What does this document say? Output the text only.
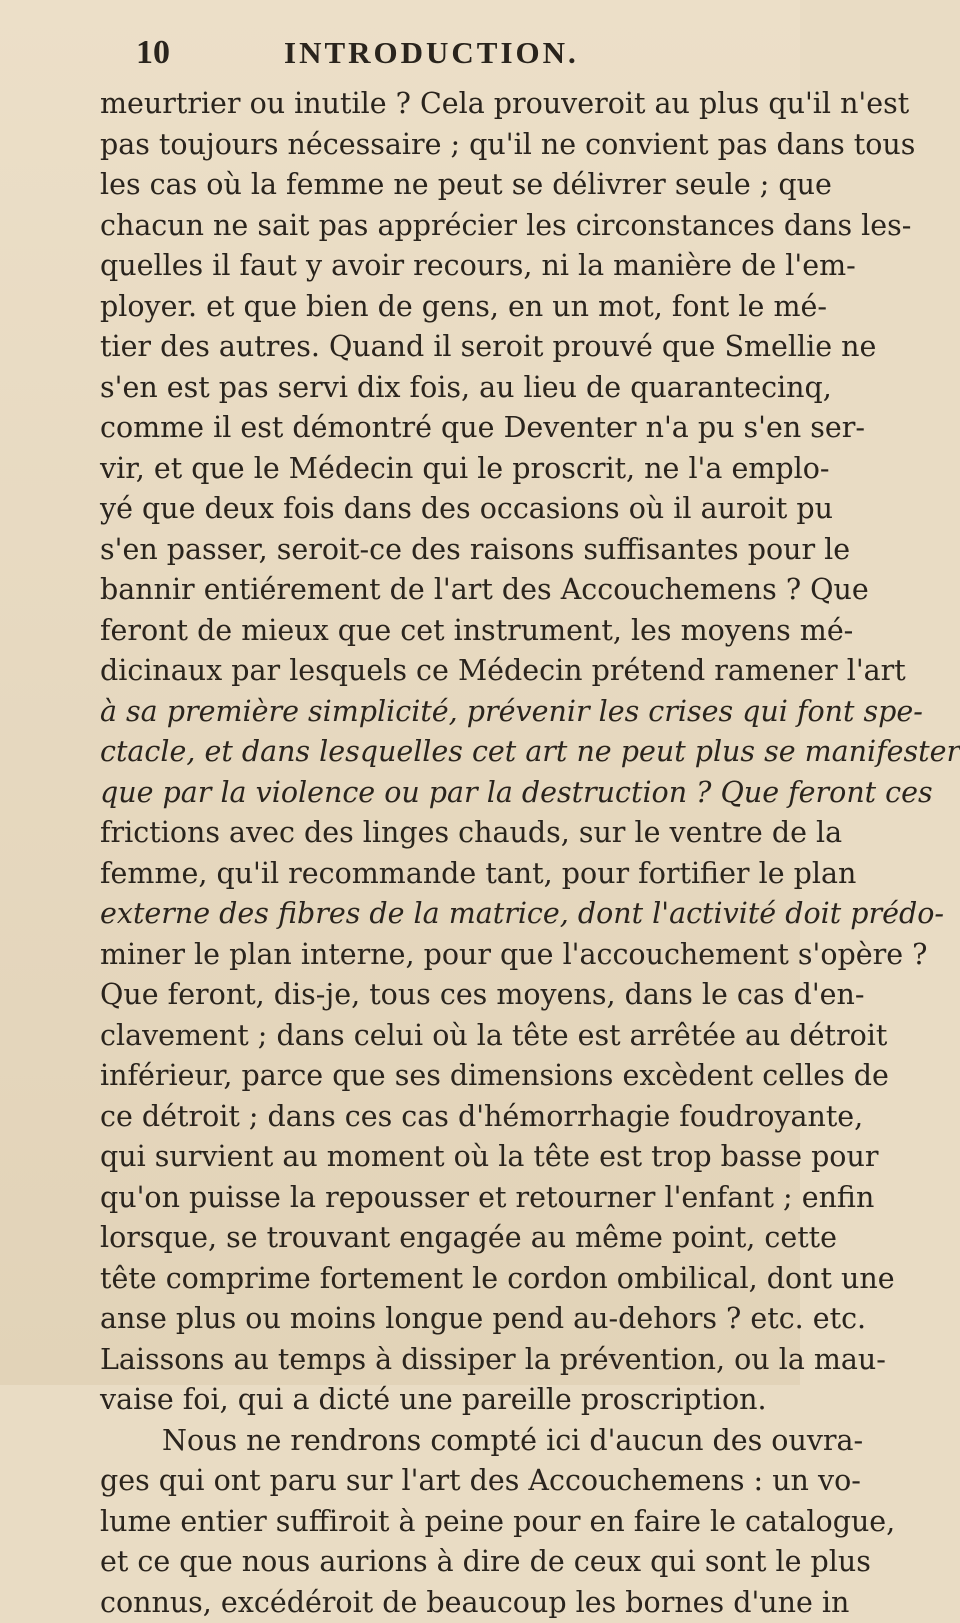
10	INTRODUCTION.
meurtrier ou inutile ? Cela prouveroit au plus qu'il n'est
pas toujours nécessaire ; qu'il ne convient pas dans tous
les cas où la femme ne peut se délivrer seule ; que
chacun ne sait pas apprécier les circonstances dans les-
quelles il faut y avoir recours, ni la manière de l'em-
ployer. et que bien de gens, en un mot, font le mé-
tier des autres. Quand il seroit prouvé que Smellie ne
s'en est pas servi dix fois, au lieu de quarantecinq,
comme il est démontré que Deventer n'a pu s'en ser-
vir, et que le Médecin qui le proscrit, ne l'a emplo-
yé que deux fois dans des occasions où il auroit pu
s'en passer, seroit-ce des raisons suffisantes pour le
bannir entiérement de l'art des Accouchemens ? Que
feront de mieux que cet instrument, les moyens mé-
dicinaux par lesquels ce Médecin prétend ramener l'art
à sa première simplicité, prévenir les crises qui font spe-
ctacle, et dans lesquelles cet art ne peut plus se manifester
que par la violence ou par la destruction ? Que feront ces
frictions avec des linges chauds, sur le ventre de la
femme, qu'il recommande tant, pour fortifier le plan
externe des fibres de la matrice, dont l'activité doit prédo-
miner le plan interne, pour que l'accouchement s'opère ?
Que feront, dis-je, tous ces moyens, dans le cas d'en-
clavement ; dans celui où la tête est arrêtée au détroit
inférieur, parce que ses dimensions excèdent celles de
ce détroit ; dans ces cas d'hémorrhagie foudroyante,
qui survient au moment où la tête est trop basse pour
qu'on puisse la repousser et retourner l'enfant ; enfin
lorsque, se trouvant engagée au même point, cette
tête comprime fortement le cordon ombilical, dont une
anse plus ou moins longue pend au-dehors ? etc. etc.
Laissons au temps à dissiper la prévention, ou la mau-
vaise foi, qui a dicté une pareille proscription.
Nous ne rendrons compté ici d'aucun des ouvra-
ges qui ont paru sur l'art des Accouchemens : un vo-
lume entier suffiroit à peine pour en faire le catalogue,
et ce que nous aurions à dire de ceux qui sont le plus
connus, excédéroit de beaucoup les bornes d'une in
